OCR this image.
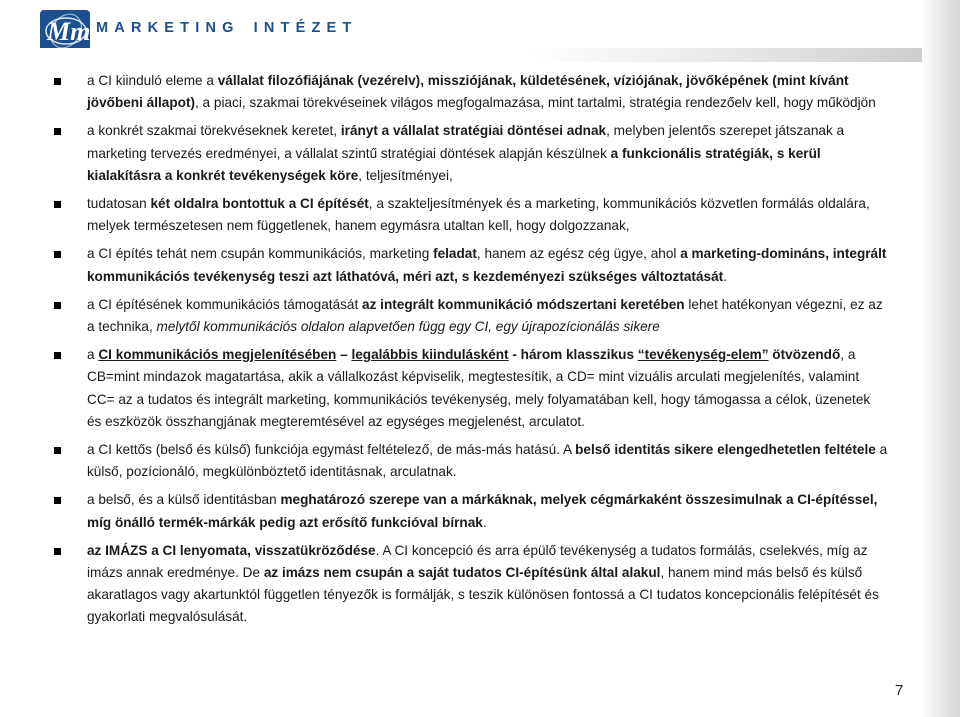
Mm MARKETING INTÉZET
a CI kiinduló eleme a vállalat filozófiájának (vezérelv), missziójának, küldetésének, víziójának, jövőképének (mint kívánt jövőbeni állapot), a piaci, szakmai törekvéseinek világos megfogalmazása, mint tartalmi, stratégia rendezőelv kell, hogy működjön
a konkrét szakmai törekvéseknek keretet, irányt a vállalat stratégiai döntései adnak, melyben jelentős szerepet játszanak a marketing tervezés eredményei, a vállalat szintű stratégiai döntések alapján készülnek a funkcionális stratégiák, s kerül kialakításra a konkrét tevékenységek köre, teljesítményei,
tudatosan két oldalra bontottuk a CI építését, a szakteljesítmények és a marketing, kommunikációs közvetlen formálás oldalára, melyek természetesen nem függetlenek, hanem egymásra utaltan kell, hogy dolgozzanak,
a CI építés tehát nem csupán kommunikációs, marketing feladat, hanem az egész cég ügye, ahol a marketing-domináns, integrált kommunikációs tevékenység teszi azt láthatóvá, méri azt, s kezdeményezi szükséges változtatását.
a CI építésének kommunikációs támogatását az integrált kommunikáció módszertani keretében lehet hatékonyan végezni, ez az a technika, melytől kommunikációs oldalon alapvetően függ egy CI, egy újrapozícionálás sikere
a CI kommunikációs megjelenítésében – legalábbis kiindulásként - három klasszikus “tevékenység-elem” ötvözendő, a CB=mint mindazok magatartása, akik a vállalkozást képviselik, megtestesítik, a CD= mint vizuális arculati megjelenítés, valamint CC= az a tudatos és integrált marketing, kommunikációs tevékenység, mely folyamatában kell, hogy támogassa a célok, üzenetek és eszközök összhangjának megteremtésével az egységes megjelenést, arculatot.
a CI kettős (belső és külső) funkciója egymást feltételező, de más-más hatású. A belső identitás sikere elengedhetetlen feltétele a külső, pozícionáló, megkülönböztető identitásnak, arculatnak.
a belső, és a külső identitásban meghatározó szerepe van a márkáknak, melyek cégmárkaként összesimulnak a CI-építéssel, míg önálló termék-márkák pedig azt erősítő funkcióval bírnak.
az IMÁZS a CI lenyomata, visszatükröződése. A CI koncepció és arra épülő tevékenység a tudatos formálás, cselekvés, míg az imázs annak eredménye. De az imázs nem csupán a saját tudatos CI-építésünk által alakul, hanem mind más belső és külső akaratlagos vagy akartunktól független tényezők is formálják, s teszik különösen fontossá a CI tudatos koncepcionális felépítését és gyakorlati megvalósulását.
7
